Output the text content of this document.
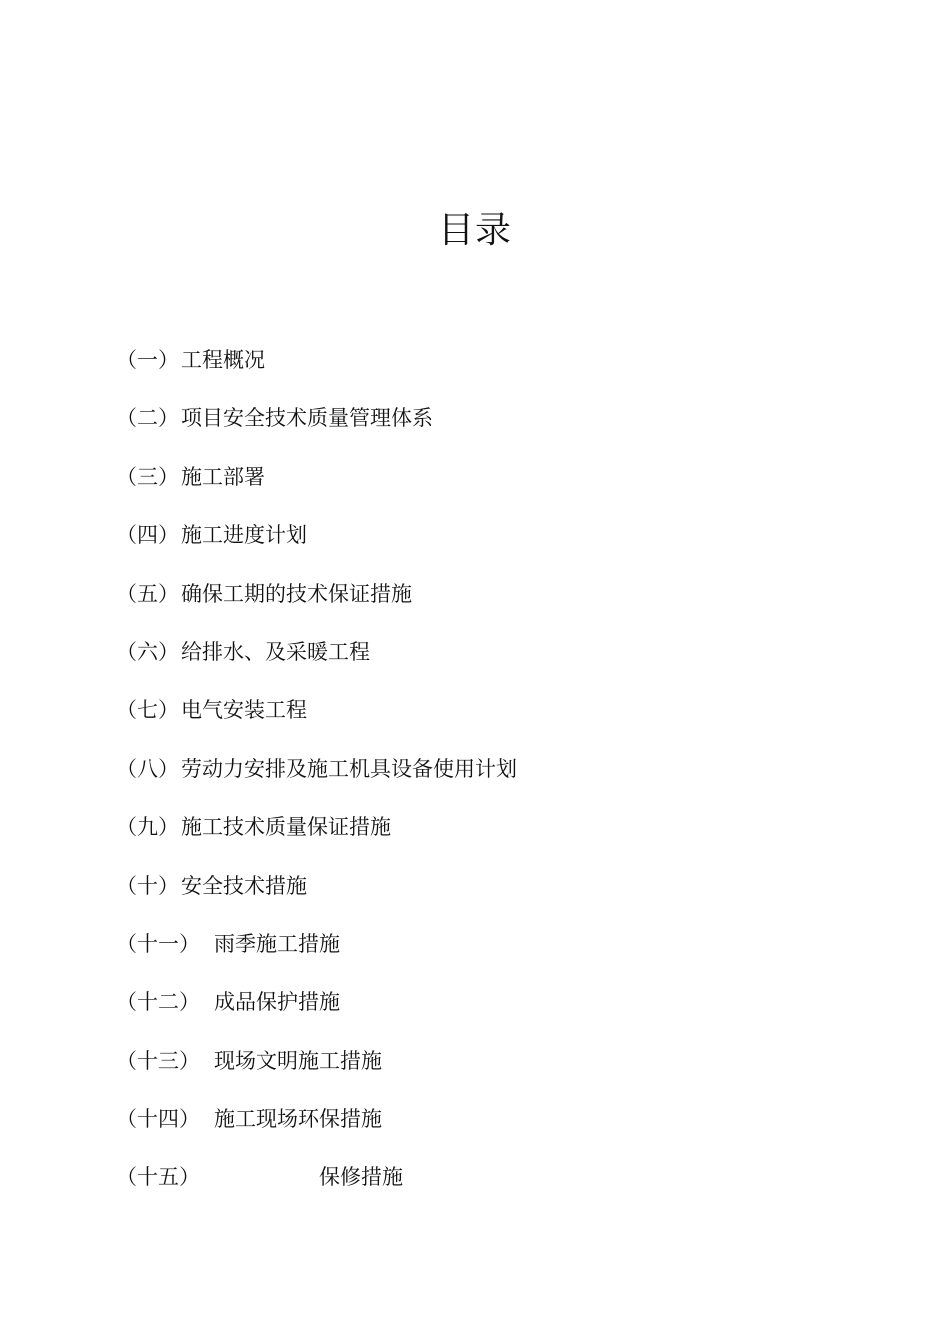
目录
（一） 工程概况
（二） 项目安全技术质量管理体系
（三） 施工部署
（四） 施工进度计划
（五） 确保工期的技术保证措施
（六） 给排水、及采暖工程
（七） 电气安装工程
（八） 劳动力安排及施工机具设备使用计划
（九） 施工技术质量保证措施
（十） 安全技术措施
（十一） 雨季施工措施
（十二） 成品保护措施
（十三） 现场文明施工措施
（十四） 施工现场环保措施
（十五）	保修措施
